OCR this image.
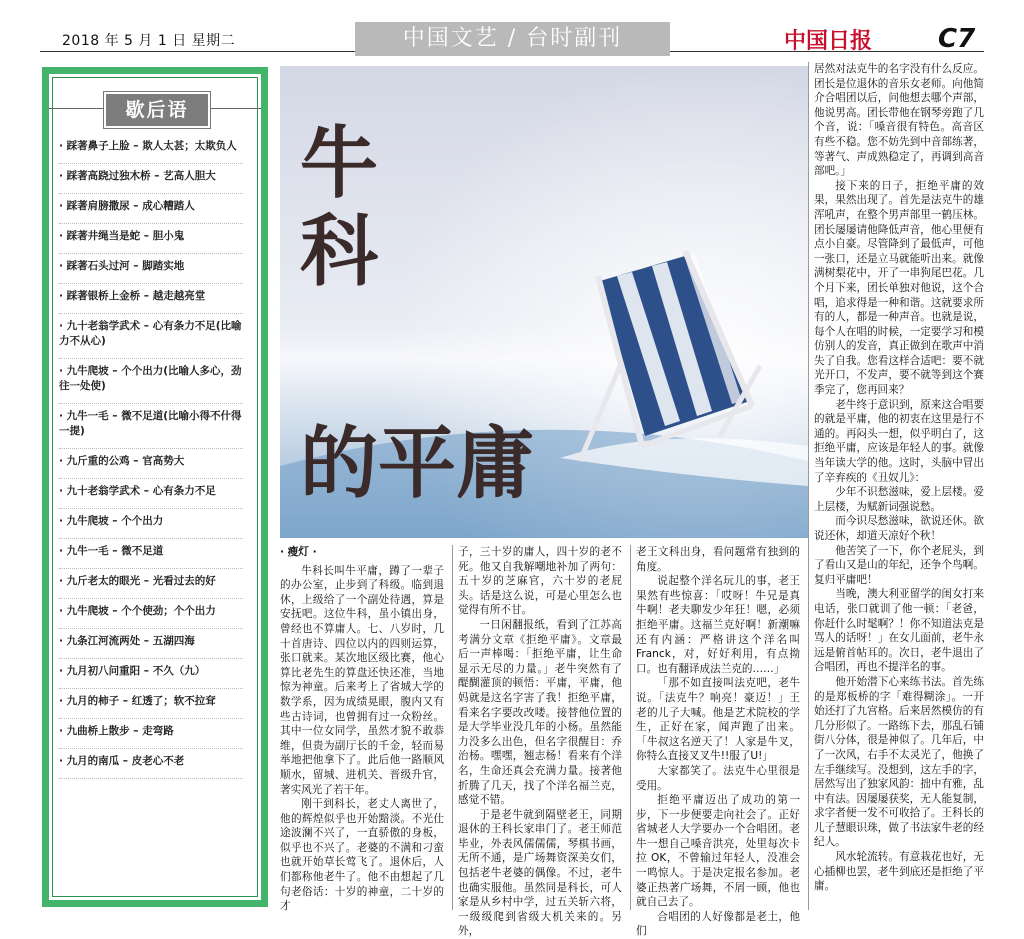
2018 年 5 月 1 日 星期二	中国文艺 / 台时副刊	中国日报	C7
歇后语
· 踩著鼻子上脸 – 欺人太甚；太欺负人
· 踩著高跷过独木桥 – 艺高人胆大
· 踩著肩膀撒尿 – 成心糟踏人
· 踩著井绳当是蛇 – 胆小鬼
· 踩著石头过河 – 脚踏实地
· 踩著银桥上金桥 – 越走越亮堂
· 九十老翁学武术 – 心有条力不足(比喻力不从心)
· 九牛爬坡 – 个个出力(比喻人多心，劲往一处使)
· 九牛一毛 – 微不足道(比喻小得不什得一提)
· 九斤重的公鸡 – 官高势大
· 九十老翁学武术 – 心有条力不足
· 九牛爬坡 – 个个出力
· 九牛一毛 – 微不足道
· 九斤老太的眼光 – 光看过去的好
· 九牛爬坡 – 个个使劲；个个出力
· 九条江河流两处 – 五湖四海
· 九月初八问重阳 – 不久（九）
· 九月的柿子 – 红透了；软不拉耷
· 九曲桥上散步 – 走弯路
· 九月的南瓜 – 皮老心不老
牛
科
的平庸

· 瘦灯 ·

牛科长叫牛平庸，蹲了一辈子的办公室，止步到了科级。临到退休，上级给了一个副处待遇，算是安抚吧。这位牛科，虽小镇出身，曾经也不算庸人。七、八岁时，几十首唐诗、四位以内的四则运算，张口就来。某次地区级比赛，他心算比老先生的算盘还快还准，当地惊为神童。后来考上了省城大学的数学系，因为成绩晃眼，腹内又有些古诗词，也曾拥有过一众粉丝。其中一位女同学，虽然才貌不敢恭维，但贵为副厅长的千金，轻而易举地把他拿下了。此后他一路顺风顺水，留城、进机关、晋级升官，著实风光了若干年。

刚干到科长，老丈人离世了，他的辉煌似乎也开始黯淡。不光仕途波澜不兴了，一直骄傲的身板，似乎也不兴了。老婆的不满和刁蛮也就开始草长莺飞了。退休后，人们都称他老牛了。他不由想起了几句老俗话：十岁的神童，二十岁的才

子，三十岁的庸人，四十岁的老不死。他又自我解嘲地补加了两句：五十岁的芝麻官，六十岁的老屁头。话是这么说，可是心里怎么也觉得有所不甘。

一日闲翻报纸，看到了江苏高考满分文章《拒绝平庸》。文章最后一声棒喝：「拒绝平庸，让生命显示无尽的力量。」老牛突然有了醍醐灌顶的顿悟：平庸，平庸，他妈就是这名字害了我！拒绝平庸，看来名字要改改喽。接替他位置的是大学毕业没几年的小杨。虽然能力没多么出色，但名字很醒目：乔治杨。嘿嘿，翘志杨！看来有个洋名，生命还真会充满力量。接著他折腾了几天，找了个洋名福兰克，感觉不错。

于是老牛就到隔壁老王，同期退休的王科长家串门了。老王师范毕业，外表风儒儒儒，琴棋书画，无所不通，是广场舞资深美女们，包括老牛老婆的偶像。不过，老牛也确实服他。虽然同是科长，可人家是从乡村中学，过五关斩六将，一级级爬到省级大机关来的。另外，

老王文科出身，看问题常有独到的角度。

说起整个洋名玩儿的事，老王果然有些惊喜：「哎呀！牛兄是真牛啊！老夫聊发少年狂！嗯，必须拒绝平庸。这福兰克好啊！新潮嘛还有内涵：严格讲这个洋名叫 Franck，对，好好利用，有点拗口。也有翻译成法兰克的……」

「那不如直接叫法克吧，老牛说。「法克牛？响亮！豪迈！」王老的儿子大喊。他是艺术院校的学生，正好在家，闻声跑了出来。「牛叔这名逆天了！人家是牛叉，你特么直接叉叉牛!!服了U!」

大家都笑了。法克牛心里很是受用。

拒绝平庸迈出了成功的第一步，下一步便要走向社会了。正好省城老人大学要办一个合唱团。老牛一想自己嗓音洪亮，处里每次卡拉 OK，不曾输过年轻人，没准会一鸣惊人。于是决定报名参加。老婆正热著广场舞，不屑一顾，他也就自己去了。

合唱团的人好像都是老土，他们

居然对法克牛的名字没有什么反应。团长是位退休的音乐女老师。向他简介合唱团以后，问他想去哪个声部，他说男高。团长带他在钢琴旁跑了几个音，说：「嗓音很有特色。高音区有些不稳。您不妨先到中音部练著，等著气、声成熟稳定了，再调到高音部吧。」

接下来的日子，拒绝平庸的效果，果然出现了。首先是法克牛的雄浑吼声，在整个男声部里一鹤压林。团长屡屡请他降低声音，他心里便有点小自豪。尽管降到了最低声，可他一张口，还是立马就能听出来。就像满树梨花中，开了一串狗尾巴花。几个月下来，团长单独对他说，这个合唱，追求得是一种和谐。这就要求所有的人，都是一种声音。也就是说，每个人在唱的时候，一定要学习和模仿别人的发音，真正做到在歌声中消失了自我。您看这样合适吧：要不就光开口，不发声，要不就等到这个赛季完了，您再回来？

老牛终于意识到，原来这合唱要的就是平庸，他的初衷在这里是行不通的。再闷头一想，似乎明白了，这拒绝平庸，应该是年轻人的事。就像当年读大学的他。这时，头脑中冒出了辛弃疾的《丑奴儿》：

少年不识愁滋味，爱上层楼。爱上层楼，为赋新词强说愁。

而今识尽愁滋味，欲说还休。欲说还休，却道天凉好个秋！

他苦笑了一下，你个老屁头，到了看山又是山的年纪，还争个鸟啊。复归平庸吧！

当晚，澳大利亚留学的闺女打来电话，张口就训了他一顿：「老爸，你赶什么时髦啊？！你不知道法克是骂人的话呀！」在女儿面前，老牛永远是俯首帖耳的。次日，老牛退出了合唱团，再也不提洋名的事。

他开始潜下心来练书法。首先练的是郑板桥的字「难得糊涂」。一开始还打了九宫格。后来居然模仿的有几分形似了。一路练下去，那乱石铺街八分体，很是神似了。几年后，中了一次风，右手不太灵光了，他换了左手继续写。没想到，这左手的字，居然写出了独家风韵：拙中有雅，乱中有法。因屡屡获奖，无人能复制，求字者便一发不可收拾了。王科长的儿子慧眼识珠，做了书法家牛老的经纪人。

风水轮流转。有意栽花也好，无心插柳也罢，老牛到底还是拒绝了平庸。
